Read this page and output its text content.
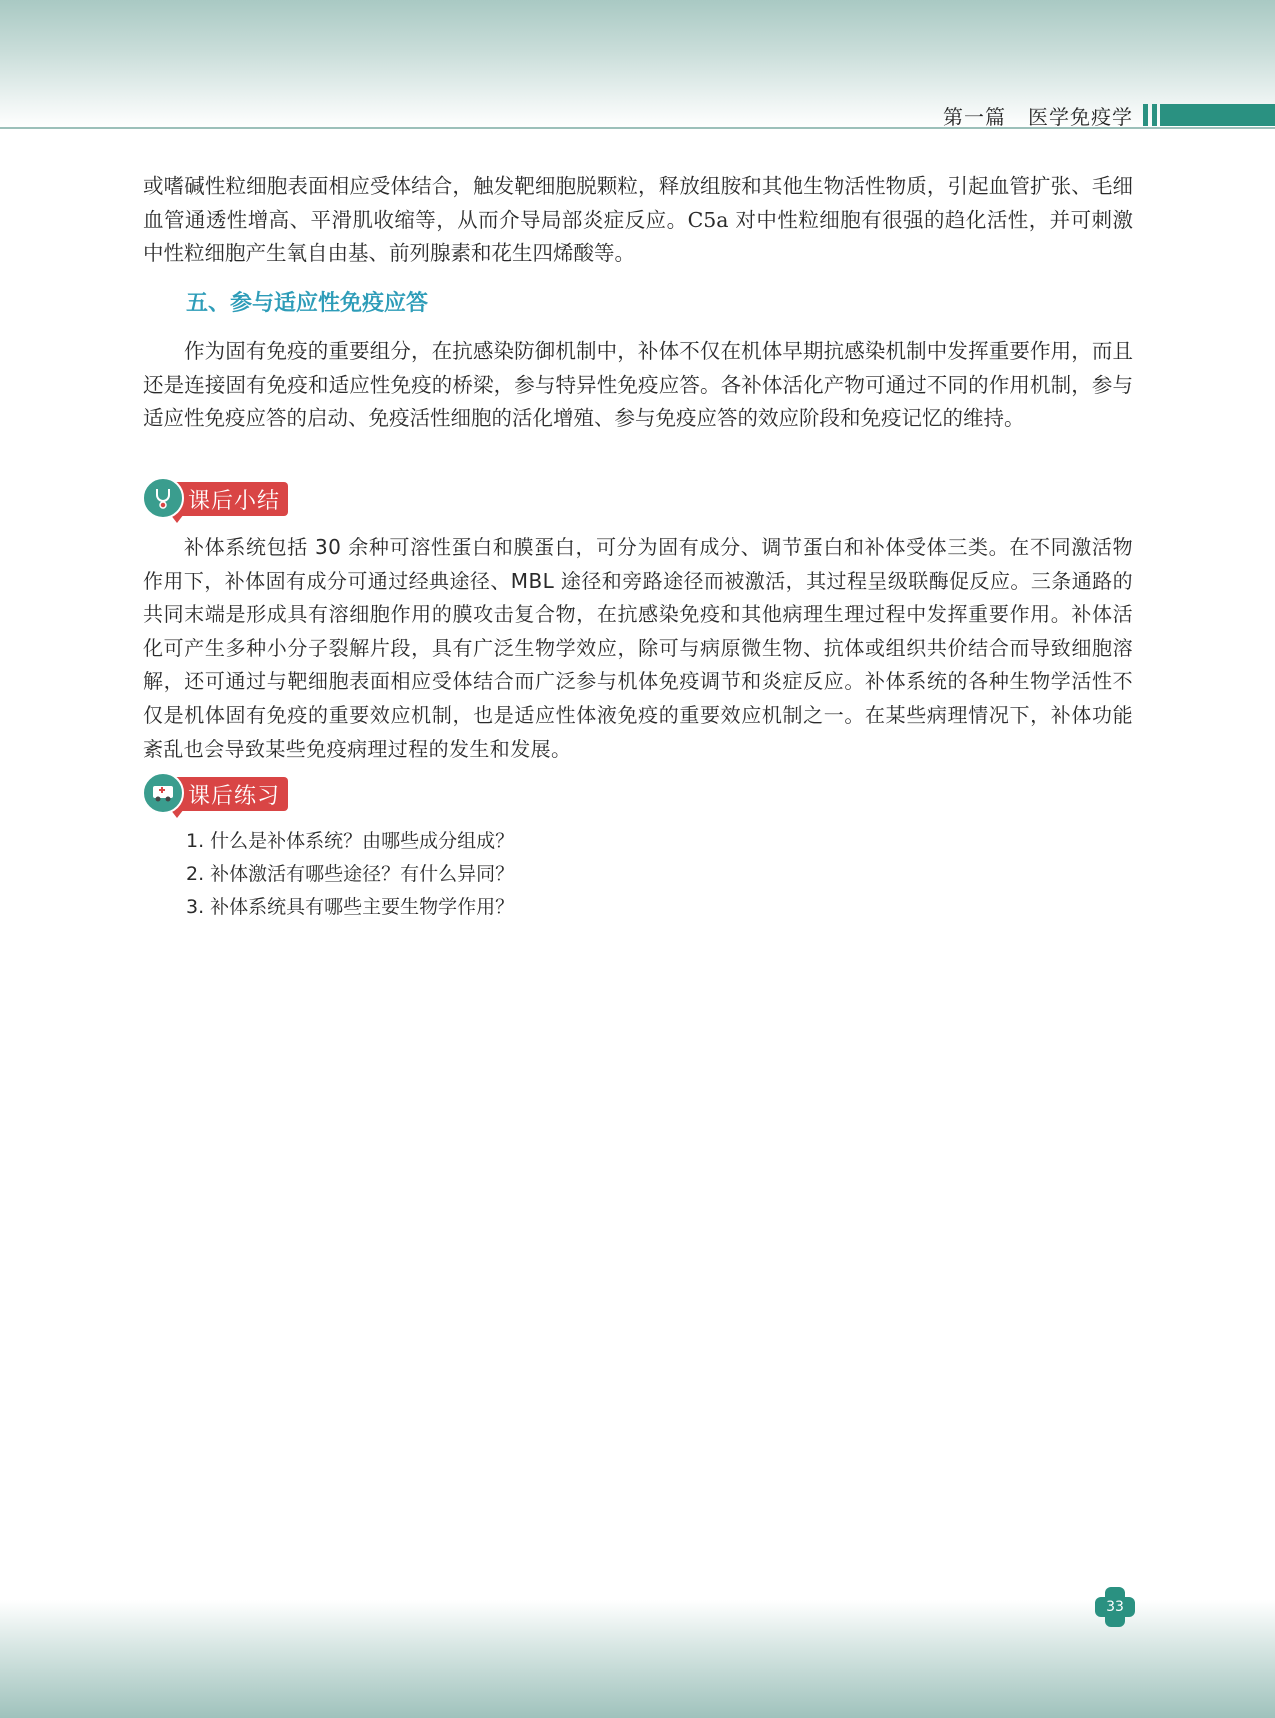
第一篇 医学免疫学

或嗜碱性粒细胞表面相应受体结合，触发靶细胞脱颗粒，释放组胺和其他生物活性物质，引起血管扩张、毛细血管通透性增高、平滑肌收缩等，从而介导局部炎症反应。C5a 对中性粒细胞有很强的趋化活性，并可刺激中性粒细胞产生氧自由基、前列腺素和花生四烯酸等。

五、参与适应性免疫应答

作为固有免疫的重要组分，在抗感染防御机制中，补体不仅在机体早期抗感染机制中发挥重要作用，而且还是连接固有免疫和适应性免疫的桥梁，参与特异性免疫应答。各补体活化产物可通过不同的作用机制，参与适应性免疫应答的启动、免疫活性细胞的活化增殖、参与免疫应答的效应阶段和免疫记忆的维持。

课后小结

补体系统包括 30 余种可溶性蛋白和膜蛋白，可分为固有成分、调节蛋白和补体受体三类。在不同激活物作用下，补体固有成分可通过经典途径、MBL 途径和旁路途径而被激活，其过程呈级联酶促反应。三条通路的共同末端是形成具有溶细胞作用的膜攻击复合物，在抗感染免疫和其他病理生理过程中发挥重要作用。补体活化可产生多种小分子裂解片段，具有广泛生物学效应，除可与病原微生物、抗体或组织共价结合而导致细胞溶解，还可通过与靶细胞表面相应受体结合而广泛参与机体免疫调节和炎症反应。补体系统的各种生物学活性不仅是机体固有免疫的重要效应机制，也是适应性体液免疫的重要效应机制之一。在某些病理情况下，补体功能紊乱也会导致某些免疫病理过程的发生和发展。

课后练习
1. 什么是补体系统？由哪些成分组成？
2. 补体激活有哪些途径？有什么异同？
3. 补体系统具有哪些主要生物学作用？
33
